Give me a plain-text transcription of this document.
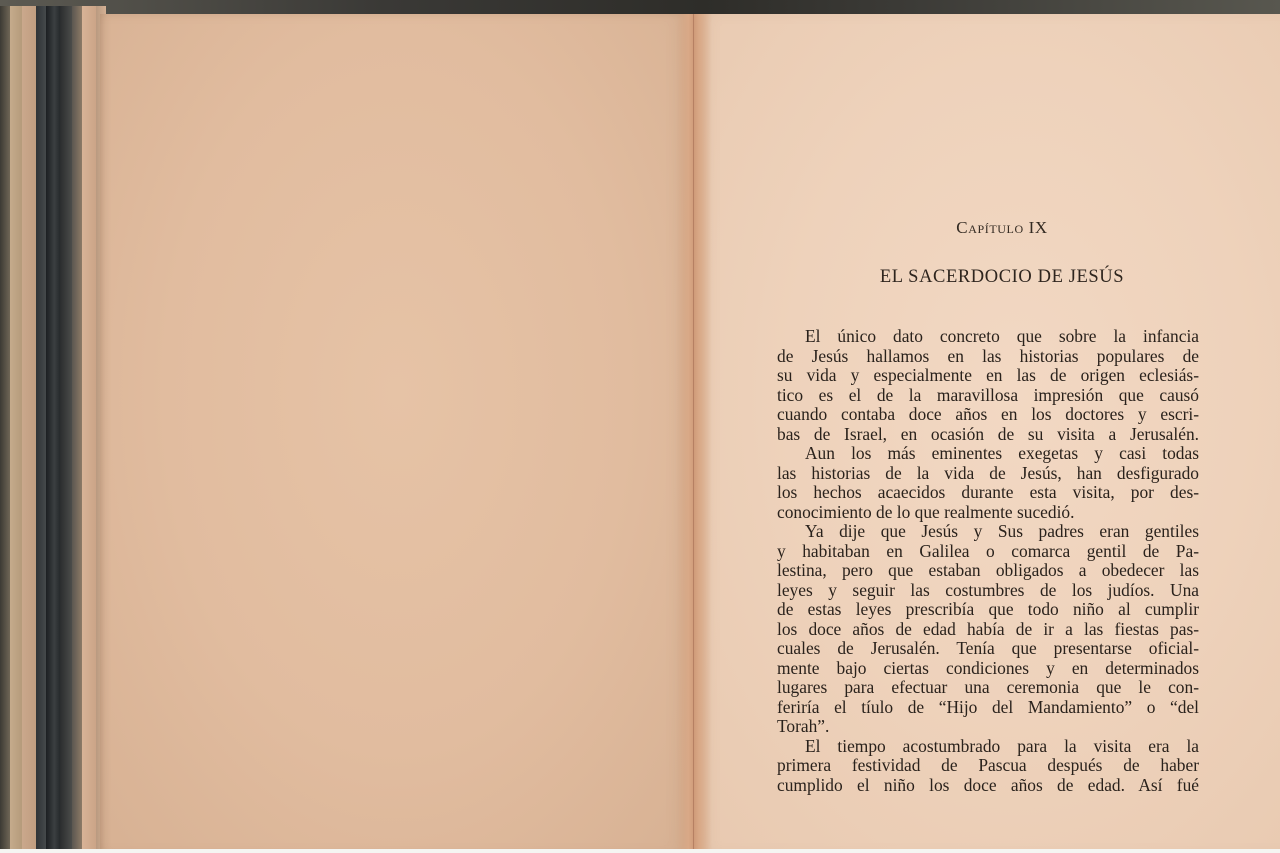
Capítulo IX
EL SACERDOCIO DE JESÚS
El único dato concreto que sobre la infancia
de Jesús hallamos en las historias populares de
su vida y especialmente en las de origen eclesiás-
tico es el de la maravillosa impresión que causó
cuando contaba doce años en los doctores y escri-
bas de Israel, en ocasión de su visita a Jerusalén.
Aun los más eminentes exegetas y casi todas
las historias de la vida de Jesús, han desfigurado
los hechos acaecidos durante esta visita, por des-
conocimiento de lo que realmente sucedió.
Ya dije que Jesús y Sus padres eran gentiles
y habitaban en Galilea o comarca gentil de Pa-
lestina, pero que estaban obligados a obedecer las
leyes y seguir las costumbres de los judíos. Una
de estas leyes prescribía que todo niño al cumplir
los doce años de edad había de ir a las fiestas pas-
cuales de Jerusalén. Tenía que presentarse oficial-
mente bajo ciertas condiciones y en determinados
lugares para efectuar una ceremonia que le con-
feriría el tíulo de “Hijo del Mandamiento” o “del
Torah”.
El tiempo acostumbrado para la visita era la
primera festividad de Pascua después de haber
cumplido el niño los doce años de edad. Así fué
